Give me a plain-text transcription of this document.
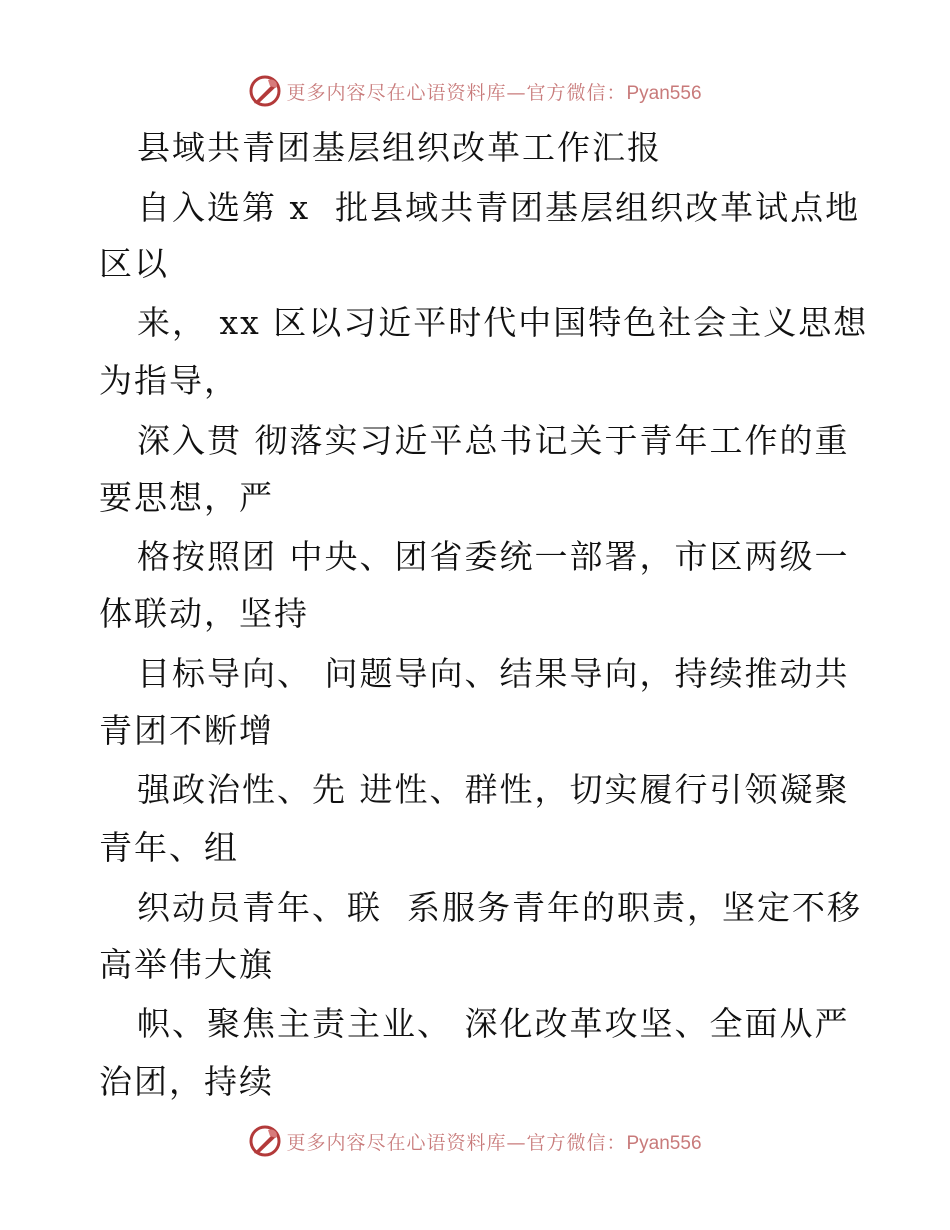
更多内容尽在心语资料库—官方微信：Pyan556
县域共青团基层组织改革工作汇报
自入选第 x  批县域共青团基层组织改革试点地
区以
来， xx 区以习近平时代中国特色社会主义思想
为指导，
深入贯 彻落实习近平总书记关于青年工作的重
要思想，严
格按照团 中央、团省委统一部署，市区两级一
体联动，坚持
目标导向、 问题导向、结果导向，持续推动共
青团不断增
强政治性、先 进性、群性，切实履行引领凝聚
青年、组
织动员青年、联  系服务青年的职责，坚定不移
高举伟大旗
帜、聚焦主责主业、 深化改革攻坚、全面从严
治团，持续
更多内容尽在心语资料库—官方微信：Pyan556
